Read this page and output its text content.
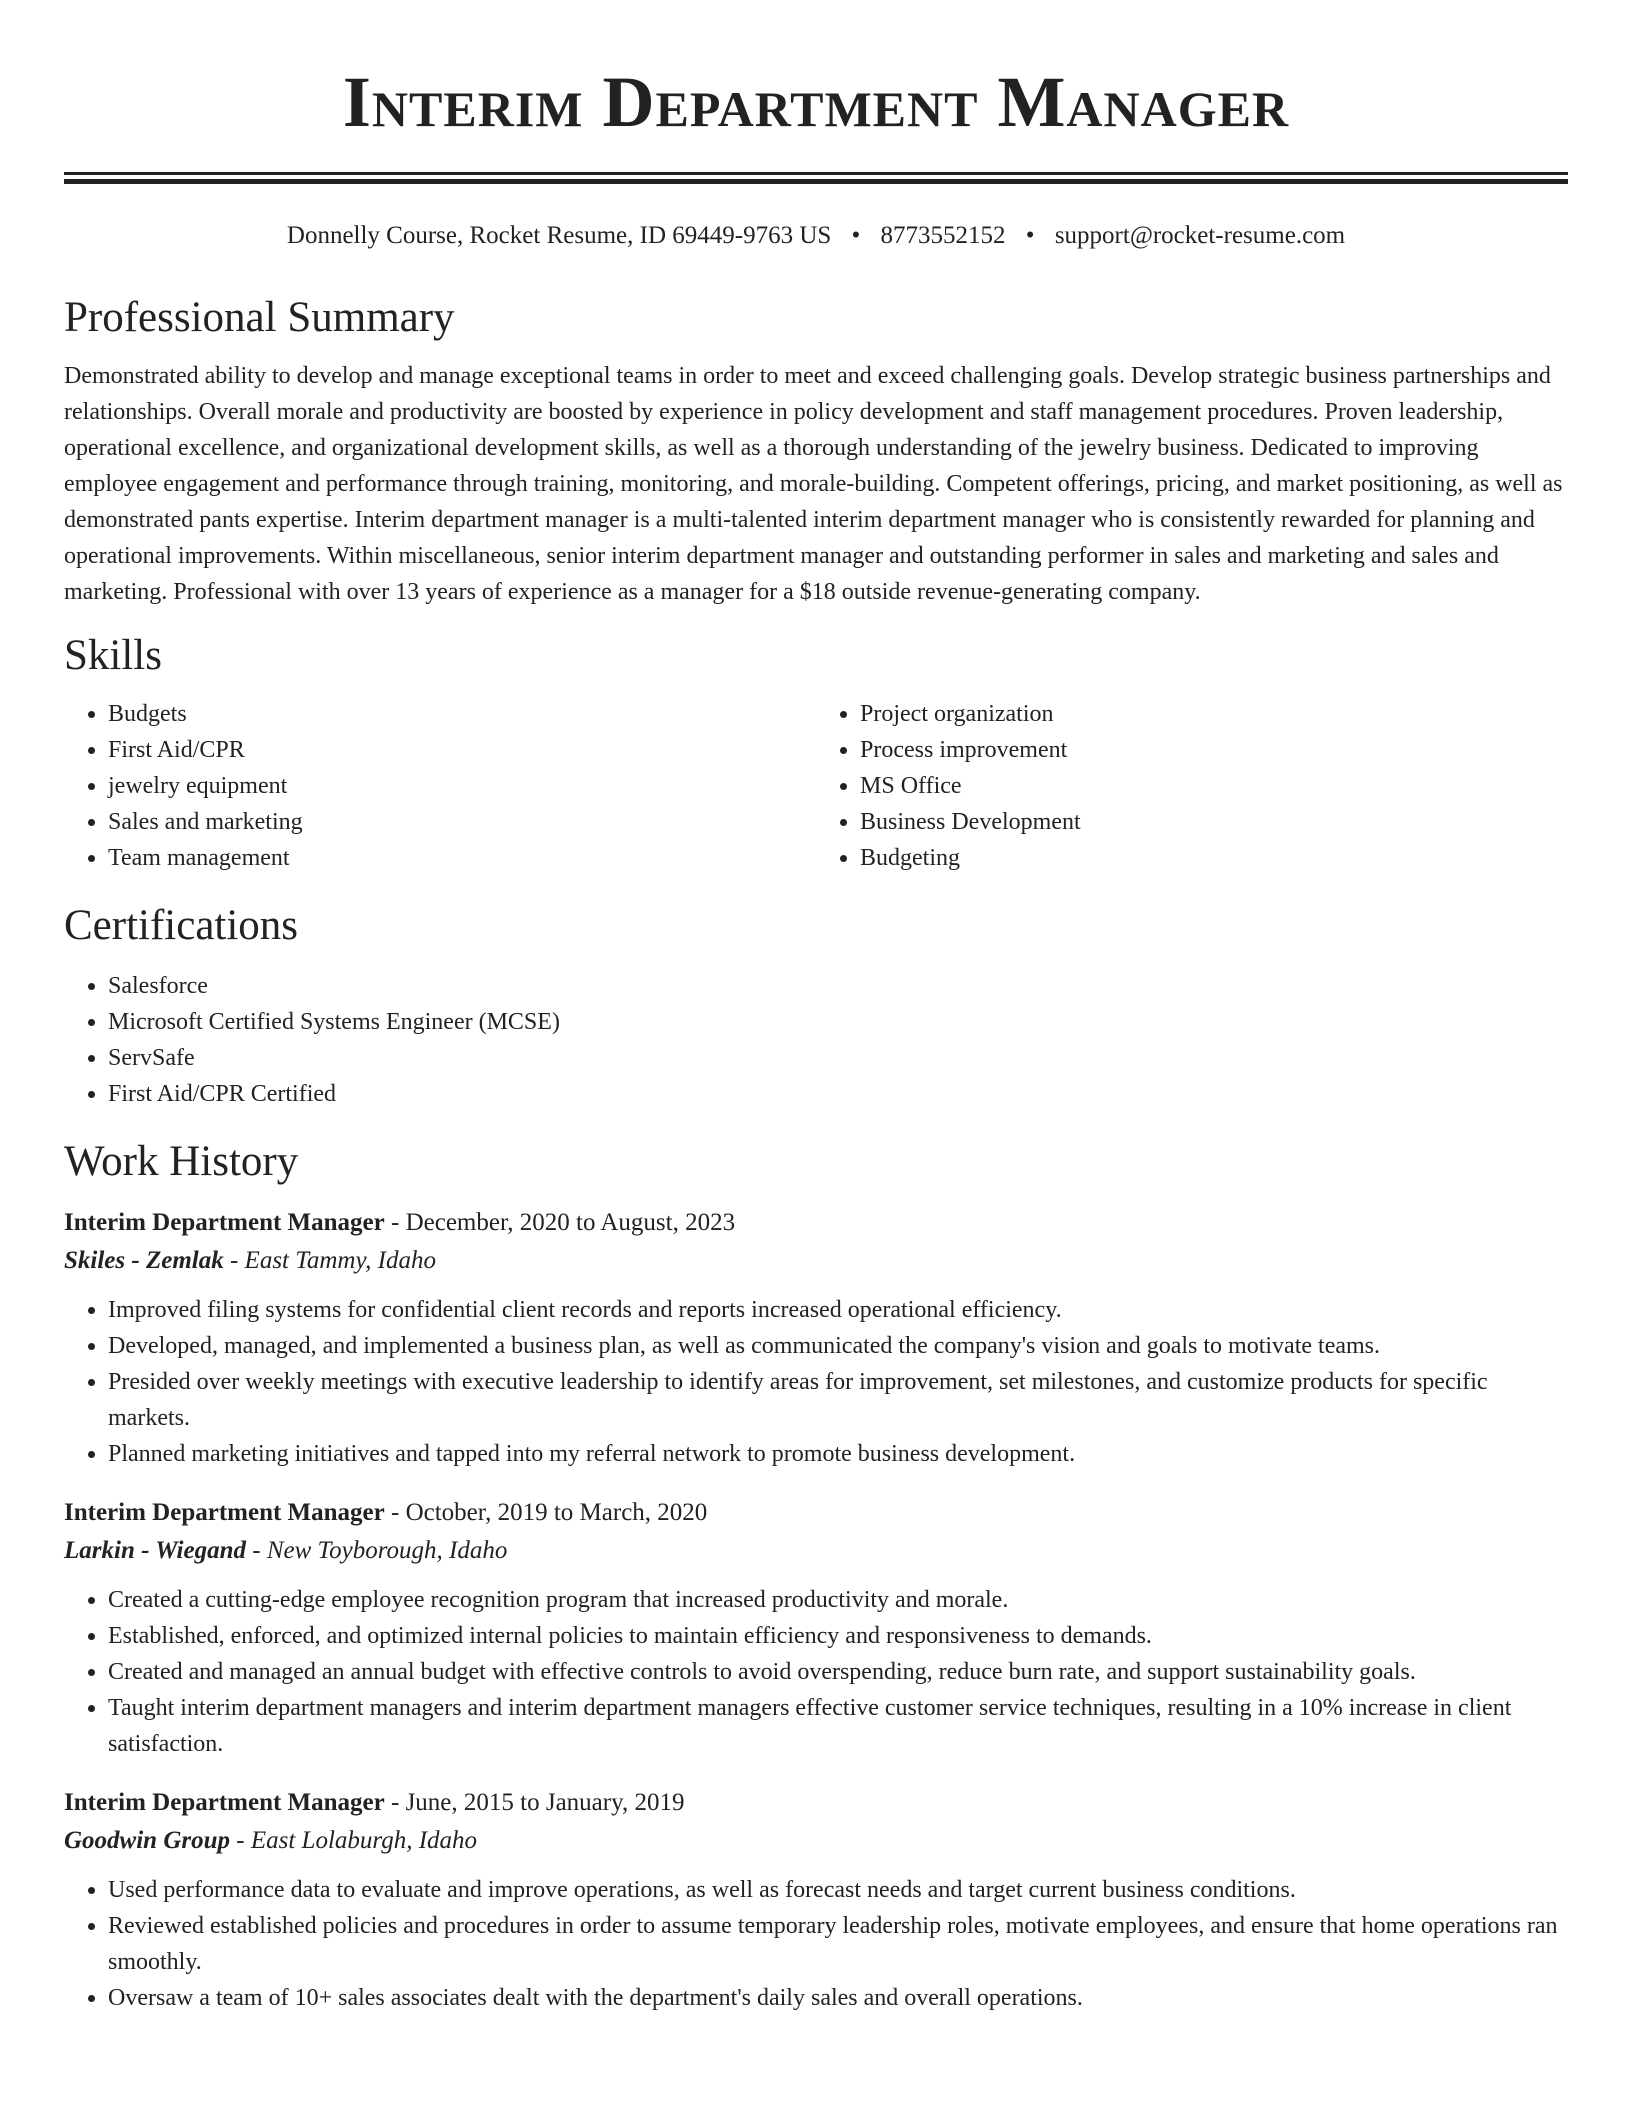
Interim Department Manager
Donnelly Course, Rocket Resume, ID 69449-9763 US • 8773552152 • support@rocket-resume.com
Professional Summary

Demonstrated ability to develop and manage exceptional teams in order to meet and exceed challenging goals. Develop strategic business partnerships and relationships. Overall morale and productivity are boosted by experience in policy development and staff management procedures. Proven leadership, operational excellence, and organizational development skills, as well as a thorough understanding of the jewelry business. Dedicated to improving employee engagement and performance through training, monitoring, and morale-building. Competent offerings, pricing, and market positioning, as well as demonstrated pants expertise. Interim department manager is a multi-talented interim department manager who is consistently rewarded for planning and operational improvements. Within miscellaneous, senior interim department manager and outstanding performer in sales and marketing and sales and marketing. Professional with over 13 years of experience as a manager for a $18 outside revenue-generating company.

Skills
• Budgets
• First Aid/CPR
• jewelry equipment
• Sales and marketing
• Team management
• Project organization
• Process improvement
• MS Office
• Business Development
• Budgeting
Certifications
• Salesforce
• Microsoft Certified Systems Engineer (MCSE)
• ServSafe
• First Aid/CPR Certified
Work History
Interim Department Manager - December, 2020 to August, 2023
Skiles - Zemlak - East Tammy, Idaho
• Improved filing systems for confidential client records and reports increased operational efficiency.
• Developed, managed, and implemented a business plan, as well as communicated the company's vision and goals to motivate teams.
• Presided over weekly meetings with executive leadership to identify areas for improvement, set milestones, and customize products for specific markets.
• Planned marketing initiatives and tapped into my referral network to promote business development.
Interim Department Manager - October, 2019 to March, 2020
Larkin - Wiegand - New Toyborough, Idaho
• Created a cutting-edge employee recognition program that increased productivity and morale.
• Established, enforced, and optimized internal policies to maintain efficiency and responsiveness to demands.
• Created and managed an annual budget with effective controls to avoid overspending, reduce burn rate, and support sustainability goals.
• Taught interim department managers and interim department managers effective customer service techniques, resulting in a 10% increase in client satisfaction.
Interim Department Manager - June, 2015 to January, 2019
Goodwin Group - East Lolaburgh, Idaho
• Used performance data to evaluate and improve operations, as well as forecast needs and target current business conditions.
• Reviewed established policies and procedures in order to assume temporary leadership roles, motivate employees, and ensure that home operations ran smoothly.
• Oversaw a team of 10+ sales associates dealt with the department's daily sales and overall operations.
